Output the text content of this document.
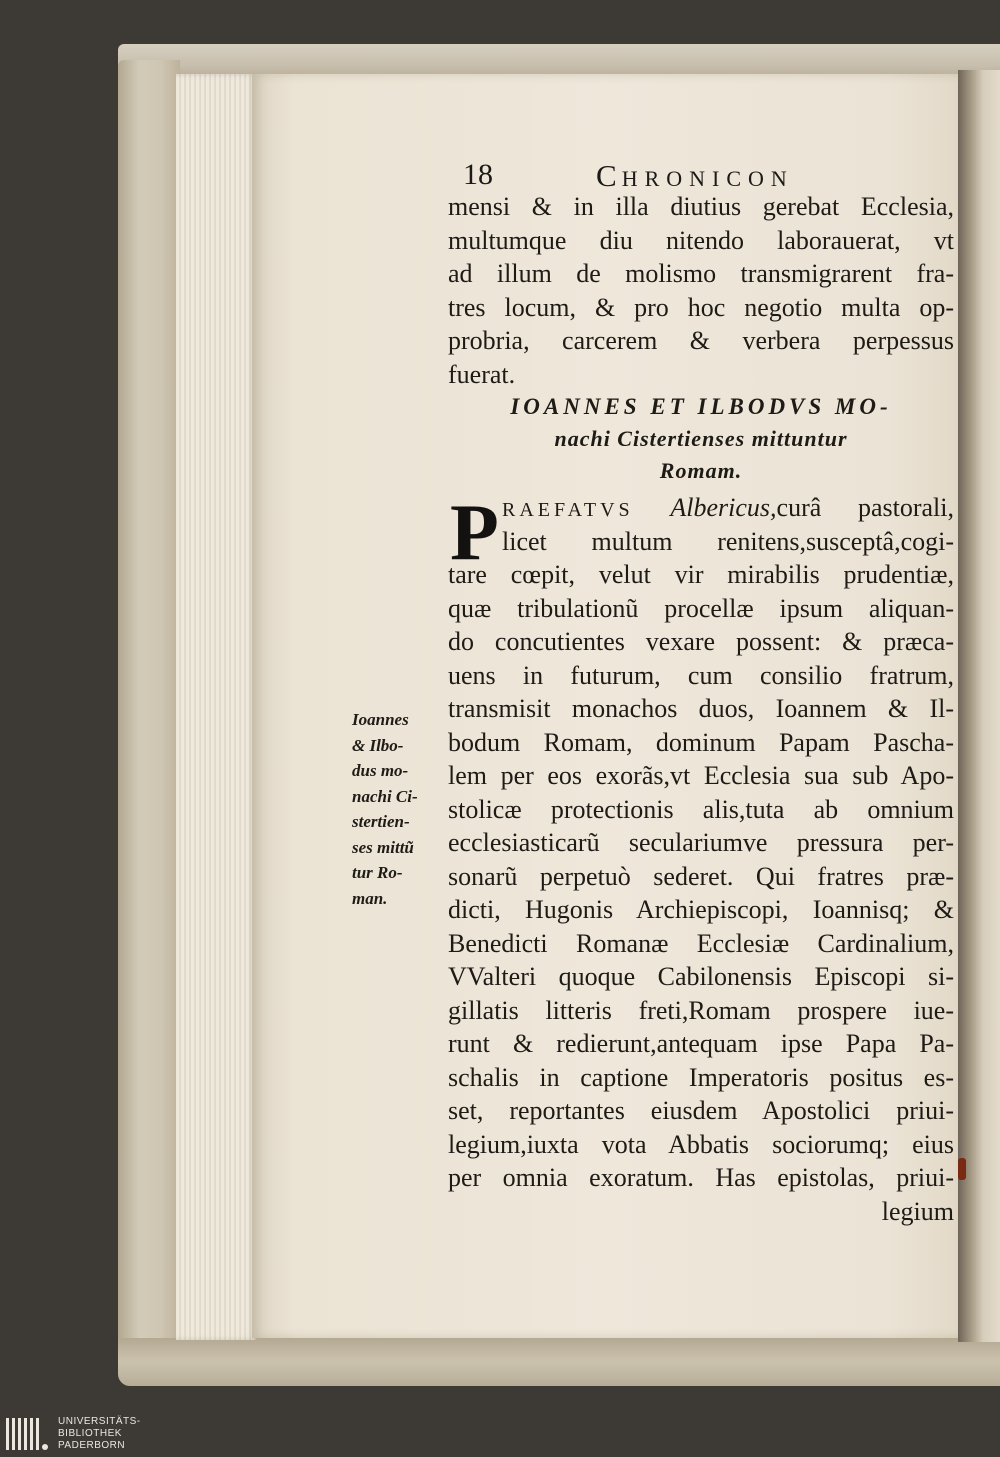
18	CHRONICON
mensi & in illa diutius gerebat Ecclesia,
multumque diu nitendo laborauerat, vt
ad illum de molismo transmigrarent fra-
tres locum, & pro hoc negotio multa op-
probria, carcerem & verbera perpessus
fuerat.
IOANNES ET ILBODVS MO-
nachi Cistertienses mittuntur
Romam.
P RAEFATVS Albericus,curâ pastorali,
licet multum renitens,susceptâ,cogi-
tare cœpit, velut vir mirabilis prudentiæ,
quæ tribulationũ procellæ ipsum aliquan-
do concutientes vexare possent: & præca-
uens in futurum, cum consilio fratrum,
transmisit monachos duos, Ioannem & Il-
bodum Romam, dominum Papam Pascha-
lem per eos exorãs,vt Ecclesia sua sub Apo-
stolicæ protectionis alis,tuta ab omnium
ecclesiasticarũ seculariumve pressura per-
sonarũ perpetuò sederet. Qui fratres præ-
dicti, Hugonis Archiepiscopi, Ioannisq; &
Benedicti Romanæ Ecclesiæ Cardinalium,
VValteri quoque Cabilonensis Episcopi si-
gillatis litteris freti,Romam prospere iue-
runt & redierunt,antequam ipse Papa Pa-
schalis in captione Imperatoris positus es-
set, reportantes eiusdem Apostolici priui-
legium,iuxta vota Abbatis sociorumq; eius
per omnia exoratum. Has epistolas, priui-
legium
Ioannes
& Ilbo-
dus mo-
nachi Ci-
stertien-
ses mittũ
tur Ro-
man.
UNIVERSITÄTS-
BIBLIOTHEK
PADERBORN
